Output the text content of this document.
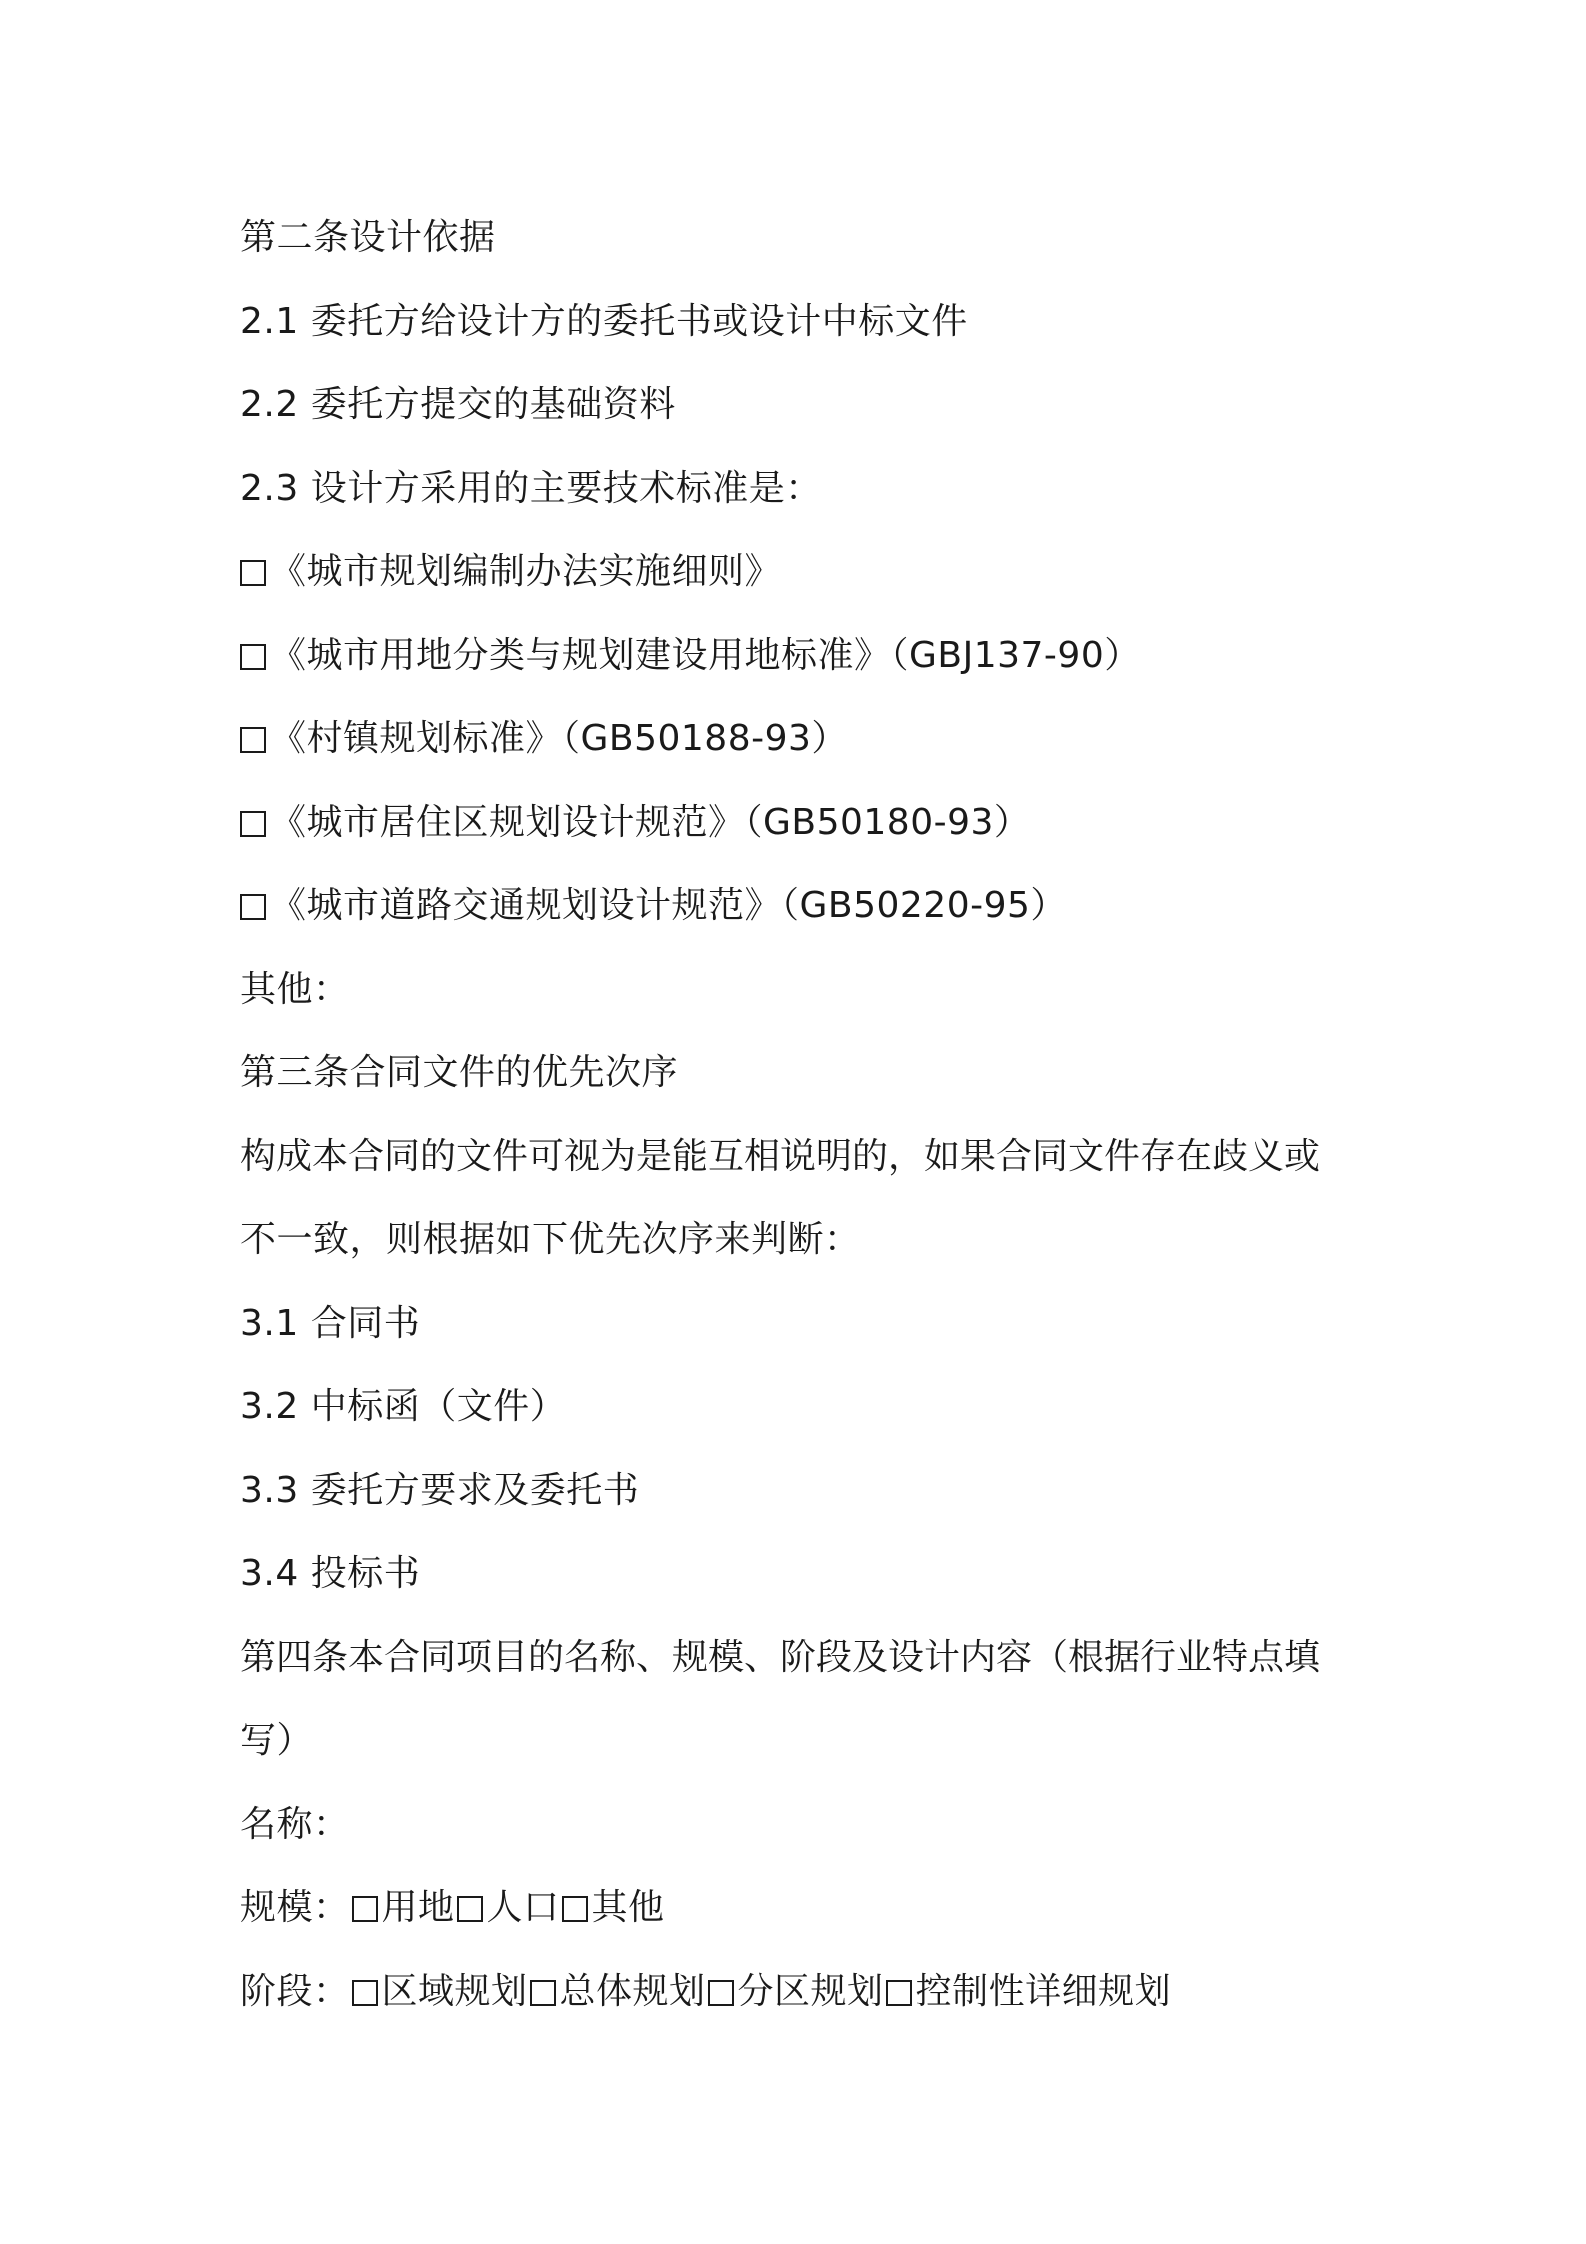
第二条设计依据
2.1 委托方给设计方的委托书或设计中标文件
2.2 委托方提交的基础资料
2.3 设计方采用的主要技术标准是：
《城市规划编制办法实施细则》
《城市用地分类与规划建设用地标准》（GBJ137-90）
《村镇规划标准》（GB50188-93）
《城市居住区规划设计规范》（GB50180-93）
《城市道路交通规划设计规范》（GB50220-95）
其他：
第三条合同文件的优先次序
构成本合同的文件可视为是能互相说明的，如果合同文件存在歧义或
不一致，则根据如下优先次序来判断：
3.1 合同书
3.2 中标函（文件）
3.3 委托方要求及委托书
3.4 投标书
第四条本合同项目的名称、规模、阶段及设计内容（根据行业特点填
写）
名称：
规模： 用地 人口 其他
阶段： 区域规划 总体规划 分区规划 控制性详细规划
